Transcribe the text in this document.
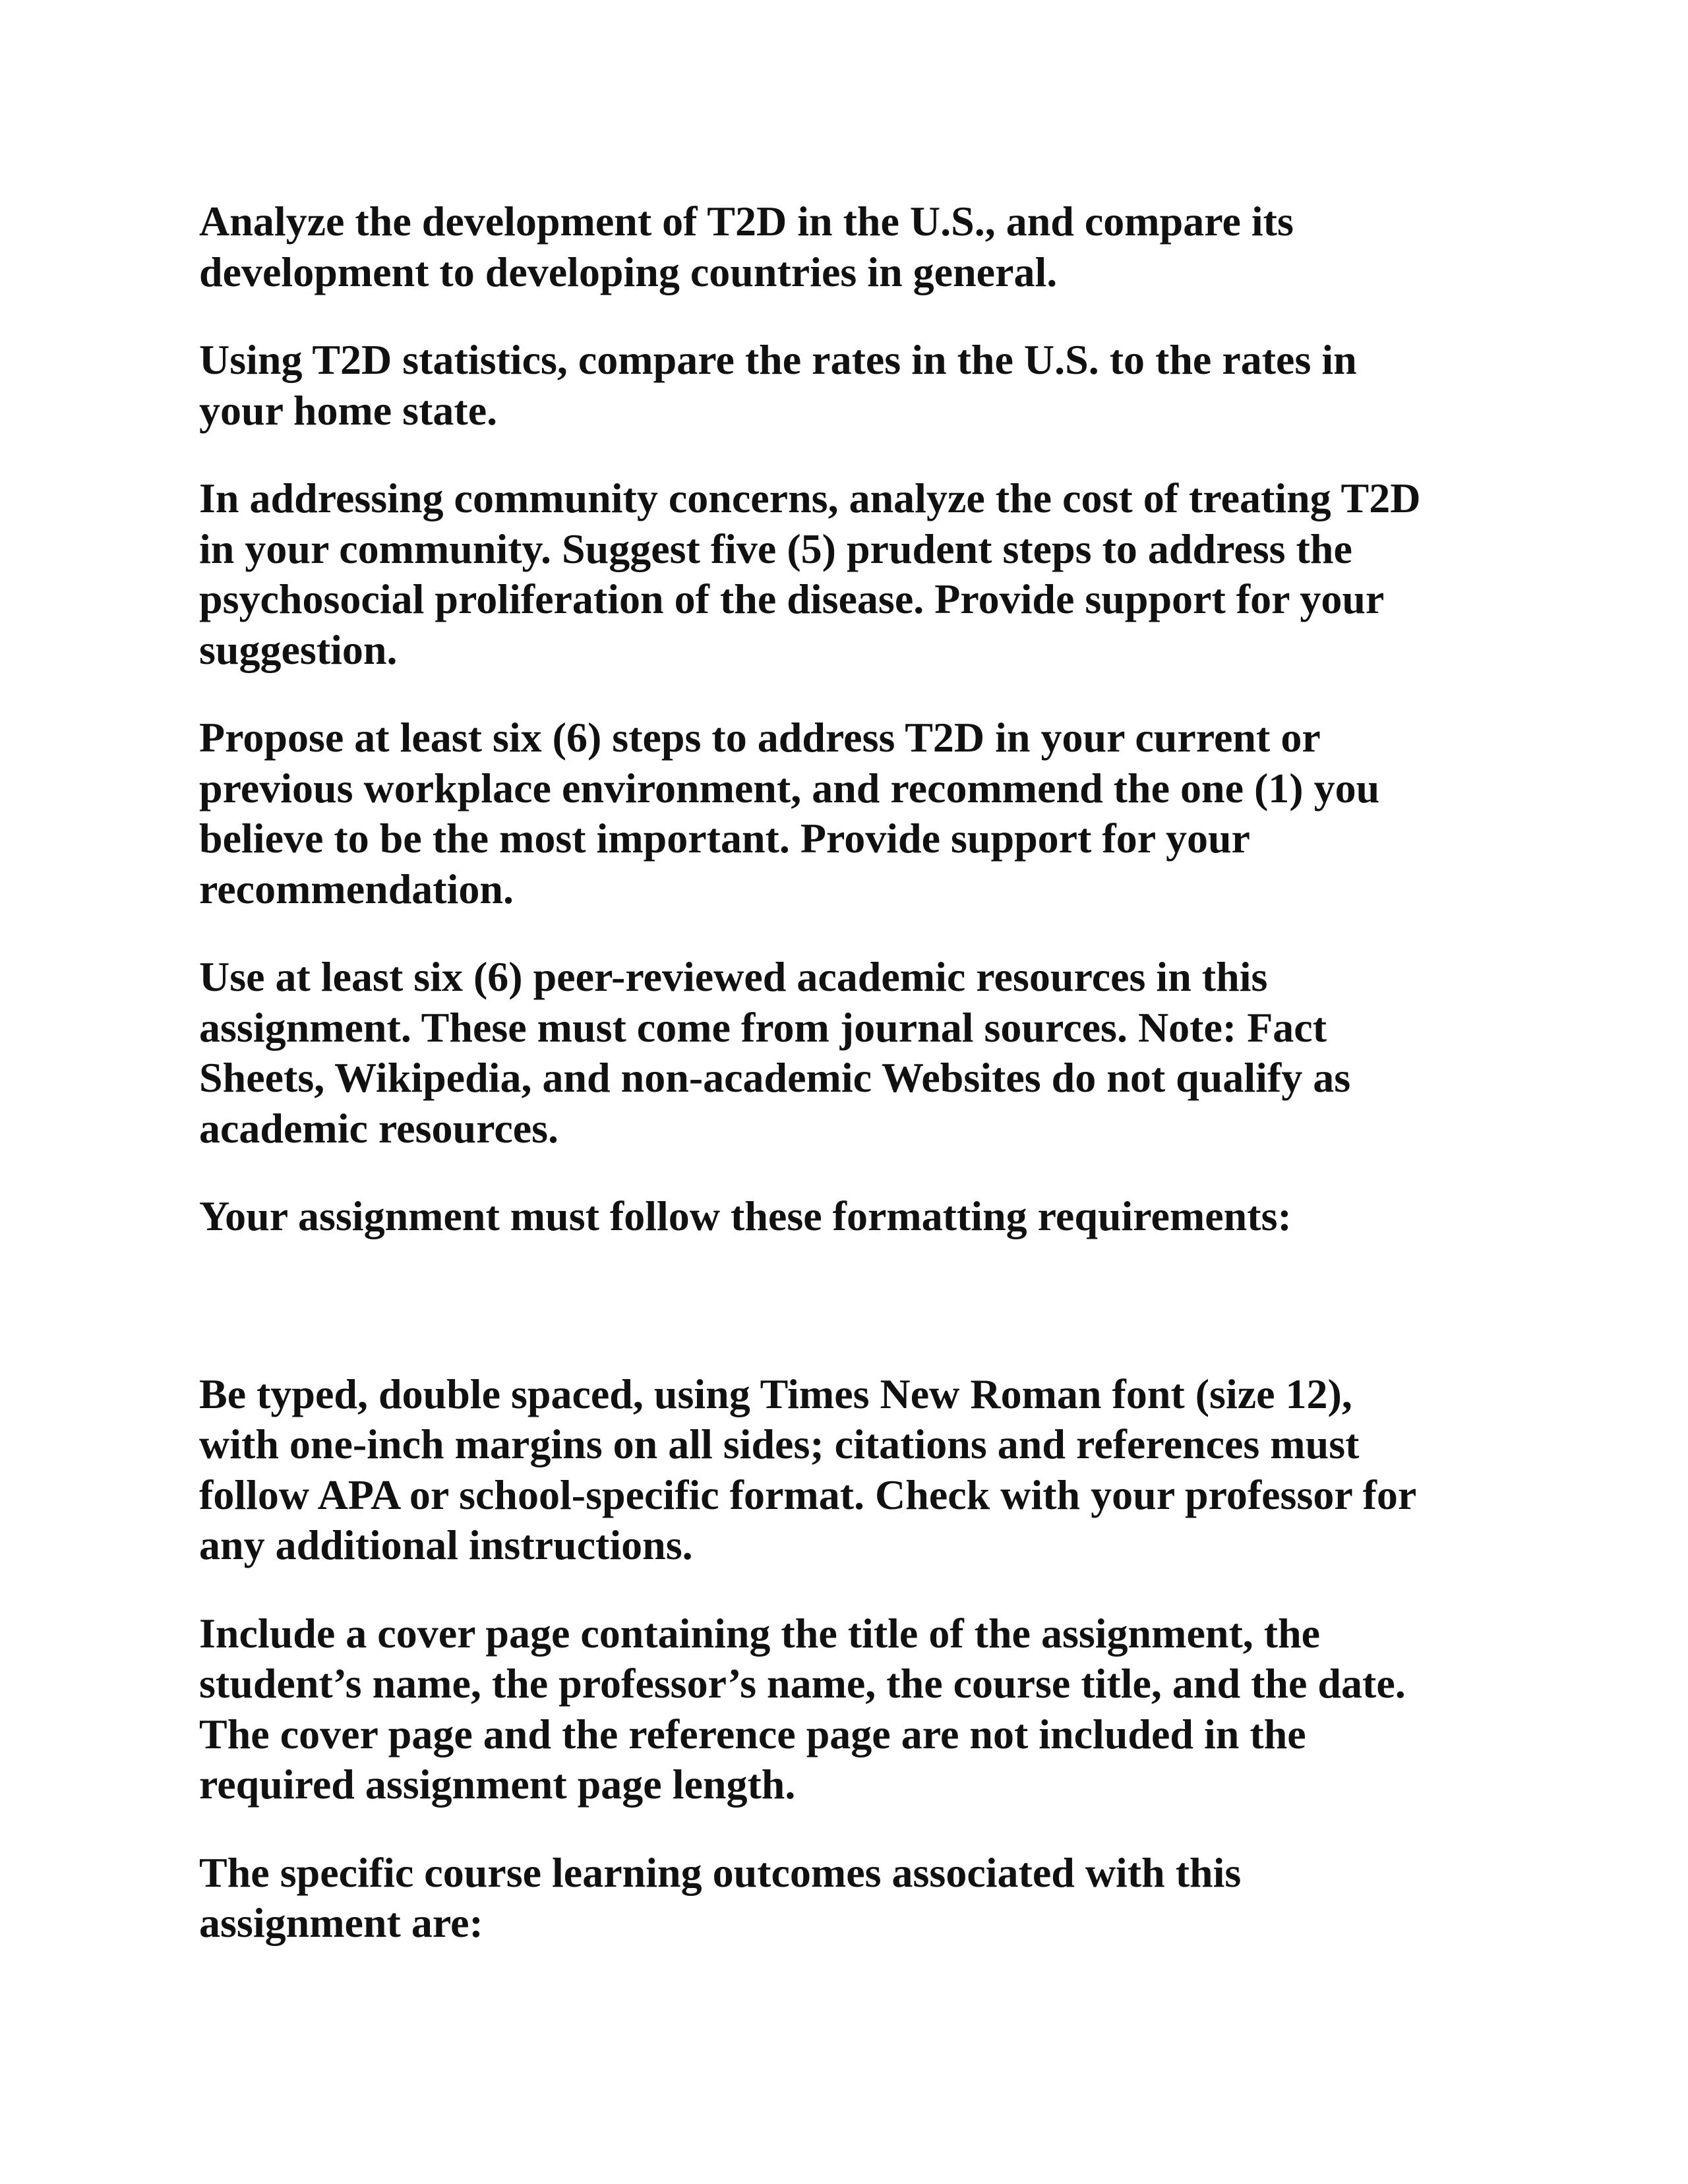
Analyze the development of T2D in the U.S., and compare its
development to developing countries in general.

Using T2D statistics, compare the rates in the U.S. to the rates in
your home state.

In addressing community concerns, analyze the cost of treating T2D
in your community. Suggest five (5) prudent steps to address the
psychosocial proliferation of the disease. Provide support for your
suggestion.

Propose at least six (6) steps to address T2D in your current or
previous workplace environment, and recommend the one (1) you
believe to be the most important. Provide support for your
recommendation.

Use at least six (6) peer-reviewed academic resources in this
assignment. These must come from journal sources. Note: Fact
Sheets, Wikipedia, and non-academic Websites do not qualify as
academic resources.

Your assignment must follow these formatting requirements:

Be typed, double spaced, using Times New Roman font (size 12),
with one-inch margins on all sides; citations and references must
follow APA or school-specific format. Check with your professor for
any additional instructions.

Include a cover page containing the title of the assignment, the
student’s name, the professor’s name, the course title, and the date.
The cover page and the reference page are not included in the
required assignment page length.

The specific course learning outcomes associated with this
assignment are:
